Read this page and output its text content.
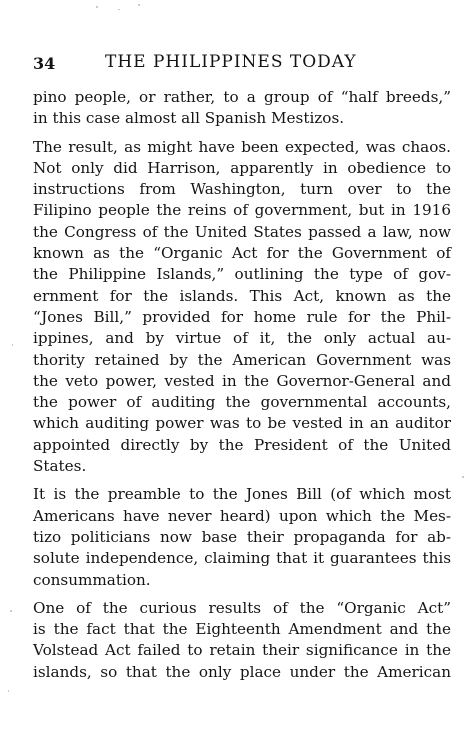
34	THE PHILIPPINES TODAY

pino people, or rather, to a group of “half breeds,”
in this case almost all Spanish Mestizos.

The result, as might have been expected, was chaos.
Not only did Harrison, apparently in obedience to
instructions from Washington, turn over to the
Filipino people the reins of government, but in 1916
the Congress of the United States passed a law, now
known as the “Organic Act for the Government of
the Philippine Islands,” outlining the type of gov-
ernment for the islands. This Act, known as the
“Jones Bill,” provided for home rule for the Phil-
ippines, and by virtue of it, the only actual au-
thority retained by the American Government was
the veto power, vested in the Governor-General and
the power of auditing the governmental accounts,
which auditing power was to be vested in an auditor
appointed directly by the President of the United
States.

It is the preamble to the Jones Bill (of which most
Americans have never heard) upon which the Mes-
tizo politicians now base their propaganda for ab-
solute independence, claiming that it guarantees this
consummation.

One of the curious results of the “Organic Act”
is the fact that the Eighteenth Amendment and the
Volstead Act failed to retain their significance in the
islands, so that the only place under the American
